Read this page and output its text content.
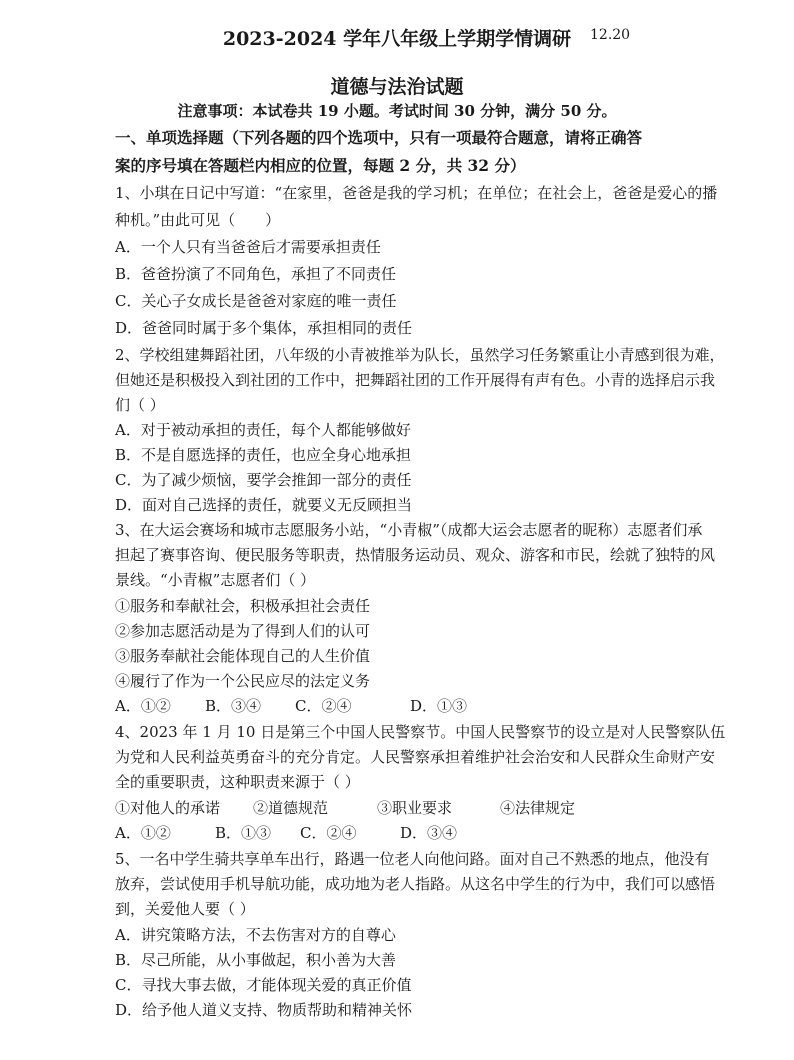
2023-2024 学年八年级上学期学情调研 12.20
道德与法治试题
注意事项：本试卷共 19 小题。考试时间 30 分钟，满分 50 分。
一、单项选择题（下列各题的四个选项中，只有一项最符合题意，请将正确答
案的序号填在答题栏内相应的位置，每题 2 分，共 32 分）
1、小琪在日记中写道：“在家里，爸爸是我的学习机；在单位；在社会上，爸爸是爱心的播
种机。”由此可见（　　）
A．一个人只有当爸爸后才需要承担责任
B．爸爸扮演了不同角色，承担了不同责任
C．关心子女成长是爸爸对家庭的唯一责任
D．爸爸同时属于多个集体，承担相同的责任
2、学校组建舞蹈社团，八年级的小青被推举为队长，虽然学习任务繁重让小青感到很为难，
但她还是积极投入到社团的工作中，把舞蹈社团的工作开展得有声有色。小青的选择启示我
们（ ）
A．对于被动承担的责任，每个人都能够做好
B．不是自愿选择的责任，也应全身心地承担
C．为了减少烦恼，要学会推卸一部分的责任
D．面对自己选择的责任，就要义无反顾担当
3、在大运会赛场和城市志愿服务小站，“小青椒”（成都大运会志愿者的昵称）志愿者们承
担起了赛事咨询、便民服务等职责，热情服务运动员、观众、游客和市民，绘就了独特的风
景线。“小青椒”志愿者们（ ）
①服务和奉献社会，积极承担社会责任
②参加志愿活动是为了得到人们的认可
③服务奉献社会能体现自己的人生价值
④履行了作为一个公民应尽的法定义务
A．①② B．③④ C．②④	D．①③
4、2023 年 1 月 10 日是第三个中国人民警察节。中国人民警察节的设立是对人民警察队伍
为党和人民利益英勇奋斗的充分肯定。人民警察承担着维护社会治安和人民群众生命财产安
全的重要职责，这种职责来源于（ ）
①对他人的承诺 ②道德规范	③职业要求	④法律规定
A．①②	B．①③ C．②④	D．③④
5、一名中学生骑共享单车出行，路遇一位老人向他问路。面对自己不熟悉的地点，他没有
放弃，尝试使用手机导航功能，成功地为老人指路。从这名中学生的行为中，我们可以感悟
到，关爱他人要（ ）
A．讲究策略方法，不去伤害对方的自尊心
B．尽己所能，从小事做起，积小善为大善
C．寻找大事去做，才能体现关爱的真正价值
D．给予他人道义支持、物质帮助和精神关怀
